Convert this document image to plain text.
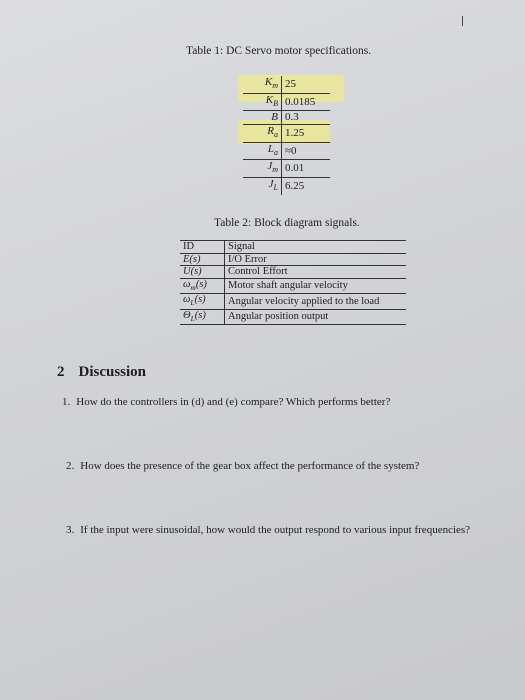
Table 1: DC Servo motor specifications.
$K_m$	25
$K_B$	0.0185
B	0.3
$R_a$	1.25
$L_a$	≈0
$J_m$	0.01
$J_L$	6.25
Table 2: Block diagram signals.
ID	Signal
E(s)	I/O Error
U(s)	Control Effort
$\omega_m(s)$	Motor shaft angular velocity
$\omega_L(s)$	Angular velocity applied to the load
$\Theta_L(s)$	Angular position output
2 Discussion
1. How do the controllers in (d) and (e) compare? Which performs better?
2. How does the presence of the gear box affect the performance of the system?
3. If the input were sinusoidal, how would the output respond to various input frequencies?
